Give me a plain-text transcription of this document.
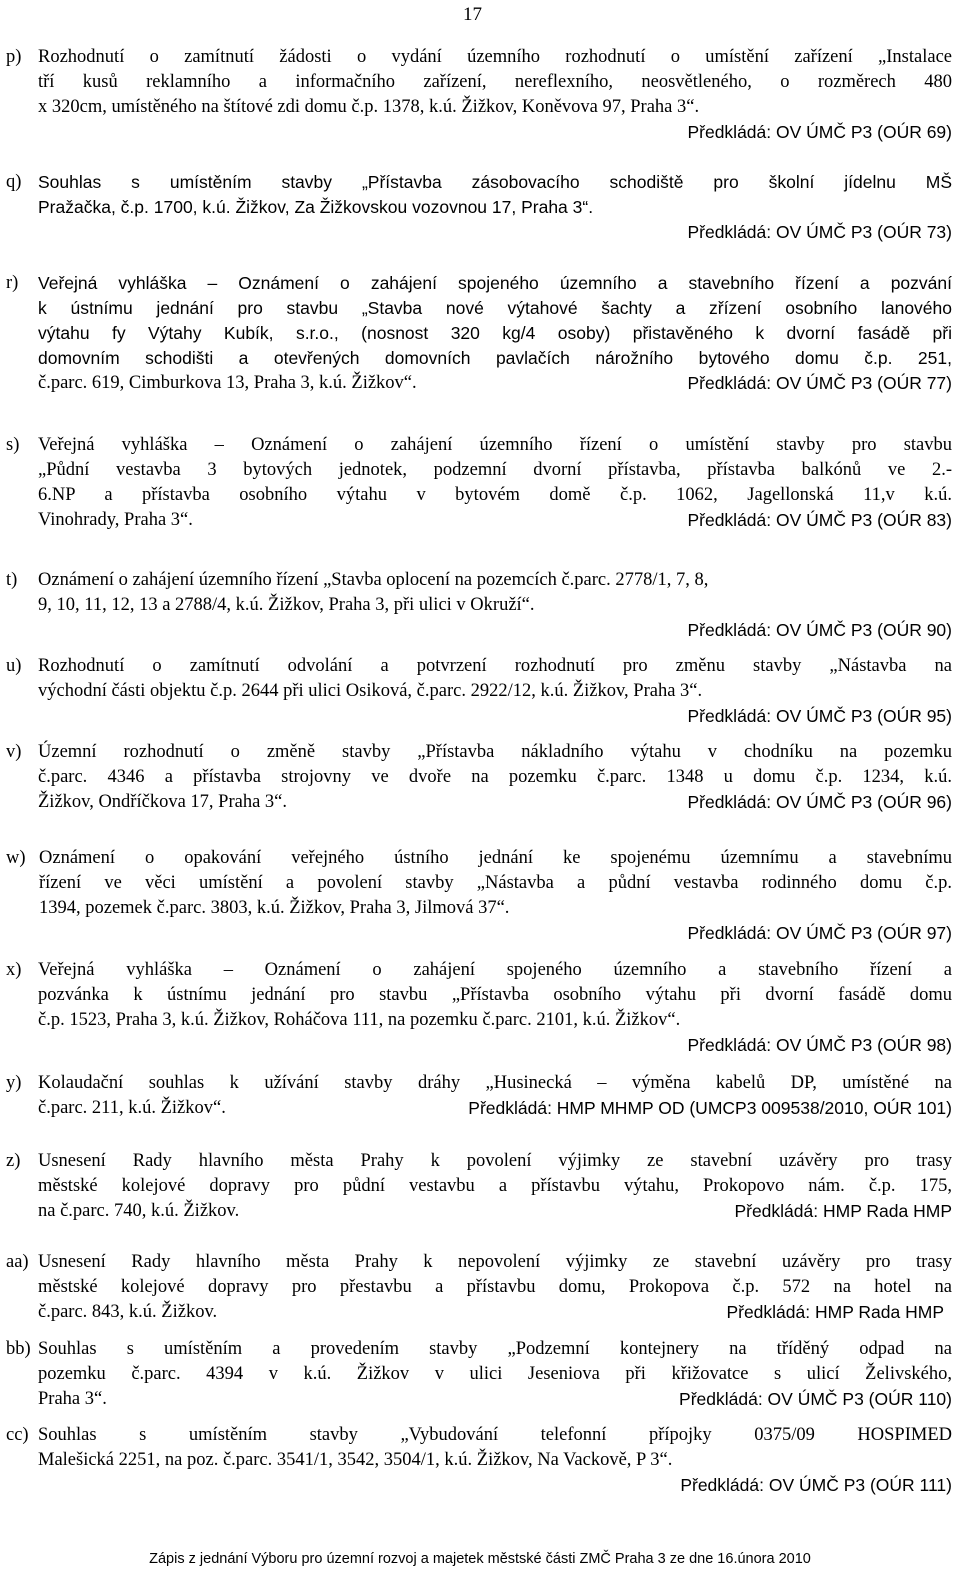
17
p) Rozhodnutí o zamítnutí žádosti o vydání územního rozhodnutí o umístění zařízení „Instalace
tří kusů reklamního a informačního zařízení, nereflexního, neosvětleného, o rozměrech 480
x 320cm, umístěného na štítové zdi domu č.p. 1378, k.ú. Žižkov, Koněvova 97, Praha 3“.
Předkládá: OV ÚMČ P3 (OÚR 69)
q) Souhlas s umístěním stavby „Přístavba zásobovacího schodiště pro školní jídelnu MŠ
Pražačka, č.p. 1700, k.ú. Žižkov, Za Žižkovskou vozovnou 17, Praha 3“.
Předkládá: OV ÚMČ P3 (OÚR 73)
r) Veřejná vyhláška – Oznámení o zahájení spojeného územního a stavebního řízení a pozvání
k ústnímu jednání pro stavbu „Stavba nové výtahové šachty a zřízení osobního lanového
výtahu fy Výtahy Kubík, s.r.o., (nosnost 320 kg/4 osoby) přistavěného k dvorní fasádě při
domovním schodišti a otevřených domovních pavlačích nárožního bytového domu č.p. 251,
č.parc. 619, Cimburkova 13, Praha 3, k.ú. Žižkov“.	Předkládá: OV ÚMČ P3 (OÚR 77)
s) Veřejná vyhláška – Oznámení o zahájení územního řízení o umístění stavby pro stavbu
„Půdní vestavba 3 bytových jednotek, podzemní dvorní přístavba, přístavba balkónů ve 2.-
6.NP a přístavba osobního výtahu v bytovém domě č.p. 1062, Jagellonská 11,v k.ú.
Vinohrady, Praha 3“.	Předkládá: OV ÚMČ P3 (OÚR 83)
t) Oznámení o zahájení územního řízení „Stavba oplocení na pozemcích č.parc. 2778/1, 7, 8,
9, 10, 11, 12, 13 a 2788/4, k.ú. Žižkov, Praha 3, při ulici v Okruží“.
Předkládá: OV ÚMČ P3 (OÚR 90)
u) Rozhodnutí o zamítnutí odvolání a potvrzení rozhodnutí pro změnu stavby „Nástavba na
východní části objektu č.p. 2644 při ulici Osiková, č.parc. 2922/12, k.ú. Žižkov, Praha 3“.
Předkládá: OV ÚMČ P3 (OÚR 95)
v) Územní rozhodnutí o změně stavby „Přístavba nákladního výtahu v chodníku na pozemku
č.parc. 4346 a přístavba strojovny ve dvoře na pozemku č.parc. 1348 u domu č.p. 1234, k.ú.
Žižkov, Ondříčkova 17, Praha 3“.	Předkládá: OV ÚMČ P3 (OÚR 96)
w) Oznámení o opakování veřejného ústního jednání ke spojenému územnímu a stavebnímu
řízení ve věci umístění a povolení stavby „Nástavba a půdní vestavba rodinného domu č.p.
1394, pozemek č.parc. 3803, k.ú. Žižkov, Praha 3, Jilmová 37“.
Předkládá: OV ÚMČ P3 (OÚR 97)
x) Veřejná vyhláška – Oznámení o zahájení spojeného územního a stavebního řízení a
pozvánka k ústnímu jednání pro stavbu „Přístavba osobního výtahu při dvorní fasádě domu
č.p. 1523, Praha 3, k.ú. Žižkov, Roháčova 111, na pozemku č.parc. 2101, k.ú. Žižkov“.
Předkládá: OV ÚMČ P3 (OÚR 98)
y) Kolaudační souhlas k užívání stavby dráhy „Husinecká – výměna kabelů DP, umístěné na
č.parc. 211, k.ú. Žižkov“.	Předkládá: HMP MHMP OD (UMCP3 009538/2010, OÚR 101)
z) Usnesení Rady hlavního města Prahy k povolení výjimky ze stavební uzávěry pro trasy
městské kolejové dopravy pro půdní vestavbu a přístavbu výtahu, Prokopovo nám. č.p. 175,
na č.parc. 740, k.ú. Žižkov.	Předkládá: HMP Rada HMP
aa) Usnesení Rady hlavního města Prahy k nepovolení výjimky ze stavební uzávěry pro trasy
městské kolejové dopravy pro přestavbu a přístavbu domu, Prokopova č.p. 572 na hotel na
č.parc. 843, k.ú. Žižkov.	Předkládá: HMP Rada HMP
bb) Souhlas s umístěním a provedením stavby „Podzemní kontejnery na tříděný odpad na
pozemku č.parc. 4394 v k.ú. Žižkov v ulici Jeseniova při křižovatce s ulicí Želivského,
Praha 3“.	Předkládá: OV ÚMČ P3 (OÚR 110)
cc) Souhlas s umístěním stavby „Vybudování telefonní přípojky 0375/09 HOSPIMED
Malešická 2251, na poz. č.parc. 3541/1, 3542, 3504/1, k.ú. Žižkov, Na Vackově, P 3“.
Předkládá: OV ÚMČ P3 (OÚR 111)
Zápis z jednání Výboru pro územní rozvoj a majetek městské části ZMČ Praha 3 ze dne 16.února 2010
